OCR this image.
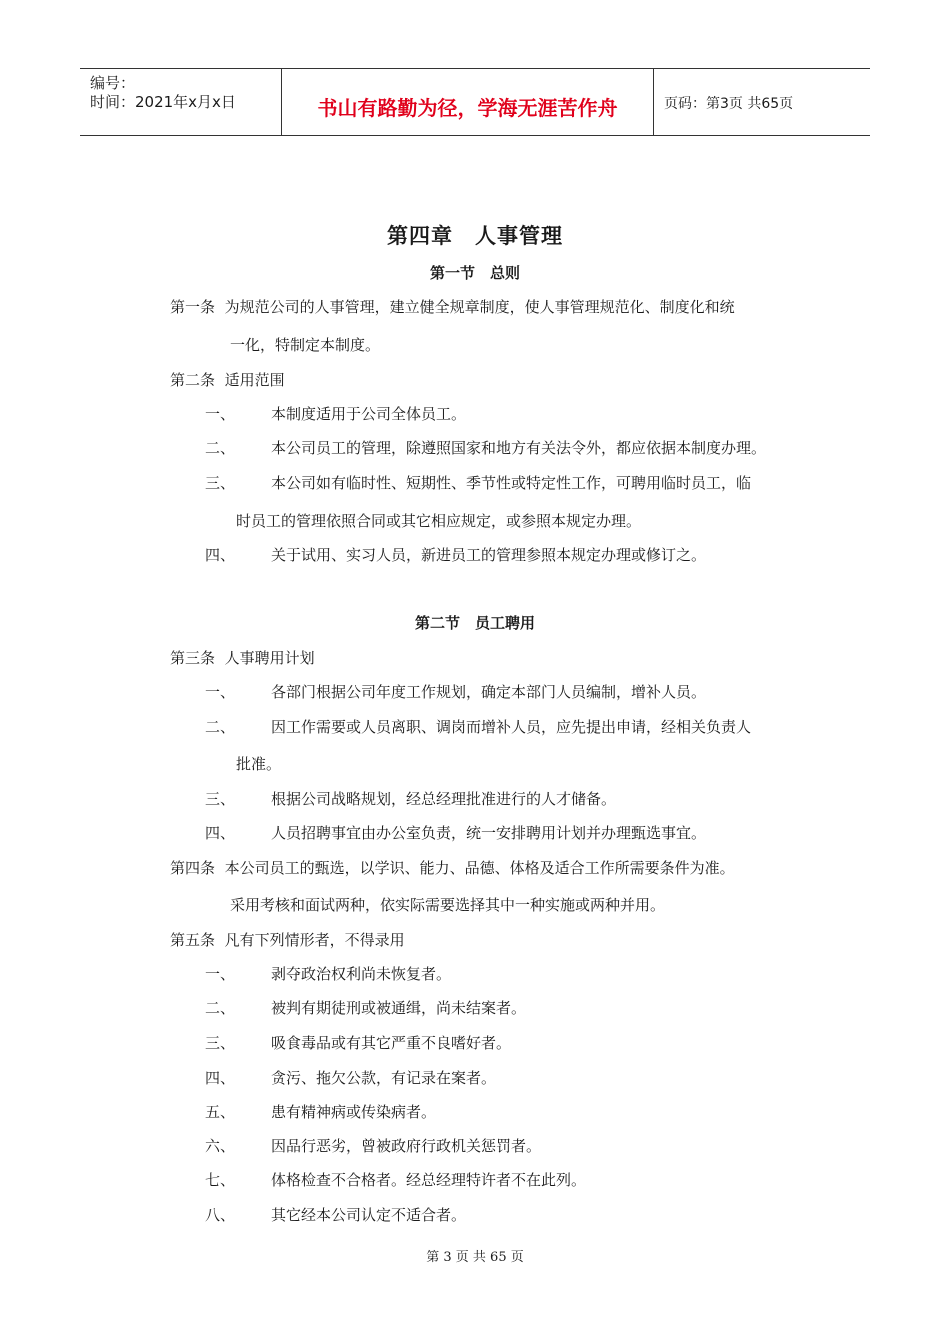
编号：
时间：2021年x月x日	书山有路勤为径，学海无涯苦作舟	页码：第3页 共65页
第四章　人事管理
第一节　总则
第一条 为规范公司的人事管理，建立健全规章制度，使人事管理规范化、制度化和统
一化，特制定本制度。
第二条 适用范围
一、 本制度适用于公司全体员工。
二、 本公司员工的管理，除遵照国家和地方有关法令外，都应依据本制度办理。
三、 本公司如有临时性、短期性、季节性或特定性工作，可聘用临时员工，临
时员工的管理依照合同或其它相应规定，或参照本规定办理。
四、 关于试用、实习人员，新进员工的管理参照本规定办理或修订之。
第二节　员工聘用
第三条 人事聘用计划
一、 各部门根据公司年度工作规划，确定本部门人员编制，增补人员。
二、 因工作需要或人员离职、调岗而增补人员，应先提出申请，经相关负责人
批准。
三、 根据公司战略规划，经总经理批准进行的人才储备。
四、 人员招聘事宜由办公室负责，统一安排聘用计划并办理甄选事宜。
第四条 本公司员工的甄选，以学识、能力、品德、体格及适合工作所需要条件为准。
采用考核和面试两种，依实际需要选择其中一种实施或两种并用。
第五条 凡有下列情形者，不得录用
一、 剥夺政治权利尚未恢复者。
二、 被判有期徒刑或被通缉，尚未结案者。
三、 吸食毒品或有其它严重不良嗜好者。
四、 贪污、拖欠公款，有记录在案者。
五、 患有精神病或传染病者。
六、 因品行恶劣，曾被政府行政机关惩罚者。
七、 体格检查不合格者。经总经理特许者不在此列。
八、 其它经本公司认定不适合者。
第 3 页 共 65 页
